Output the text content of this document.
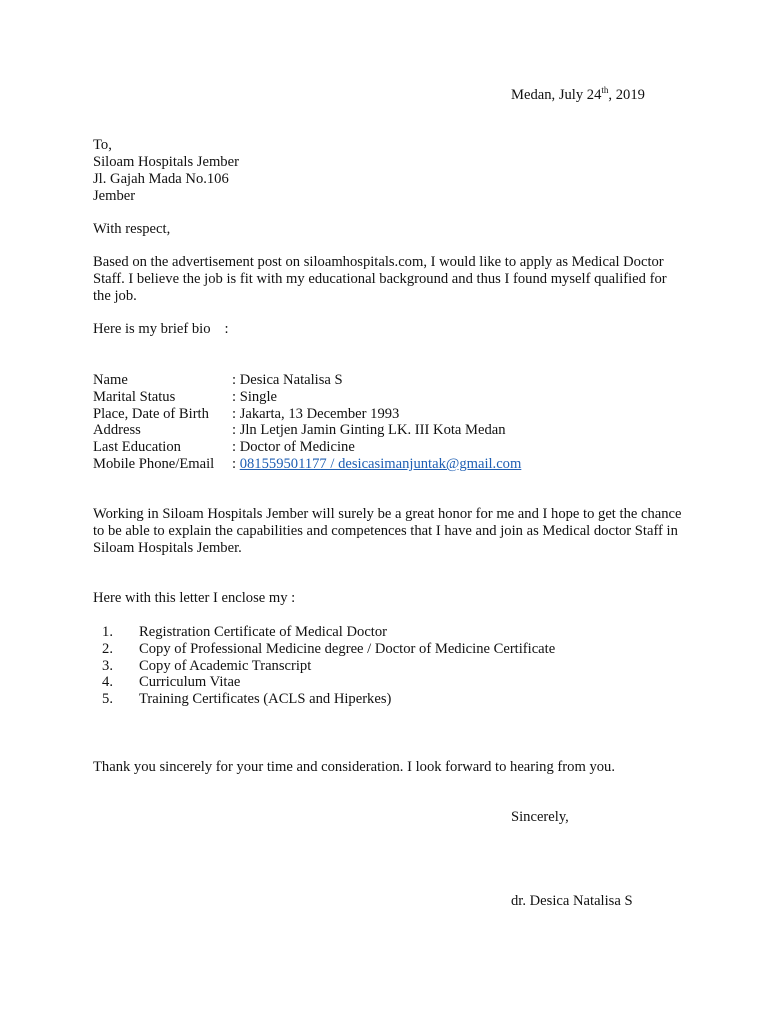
Medan, July 24th, 2019
To,
Siloam Hospitals Jember
Jl. Gajah Mada No.106
Jember
With respect,
Based on the advertisement post on siloamhospitals.com, I would like to apply as Medical Doctor Staff. I believe the job is fit with my educational background and thus I found myself qualified for the job.
Here is my brief bio :
Name	: Desica Natalisa S
Marital Status	: Single
Place, Date of Birth	: Jakarta, 13 December 1993
Address	: Jln Letjen Jamin Ginting LK. III Kota Medan
Last Education	: Doctor of Medicine
Mobile Phone/Email	: 081559501177 / desicasimanjuntak@gmail.com
Working in Siloam Hospitals Jember will surely be a great honor for me and I hope to get the chance to be able to explain the capabilities and competences that I have and join as Medical doctor Staff in Siloam Hospitals Jember.
Here with this letter I enclose my :
1. Registration Certificate of Medical Doctor
2. Copy of Professional Medicine degree / Doctor of Medicine Certificate
3. Copy of Academic Transcript
4. Curriculum Vitae
5. Training Certificates (ACLS and Hiperkes)
Thank you sincerely for your time and consideration. I look forward to hearing from you.
Sincerely,
dr. Desica Natalisa S
